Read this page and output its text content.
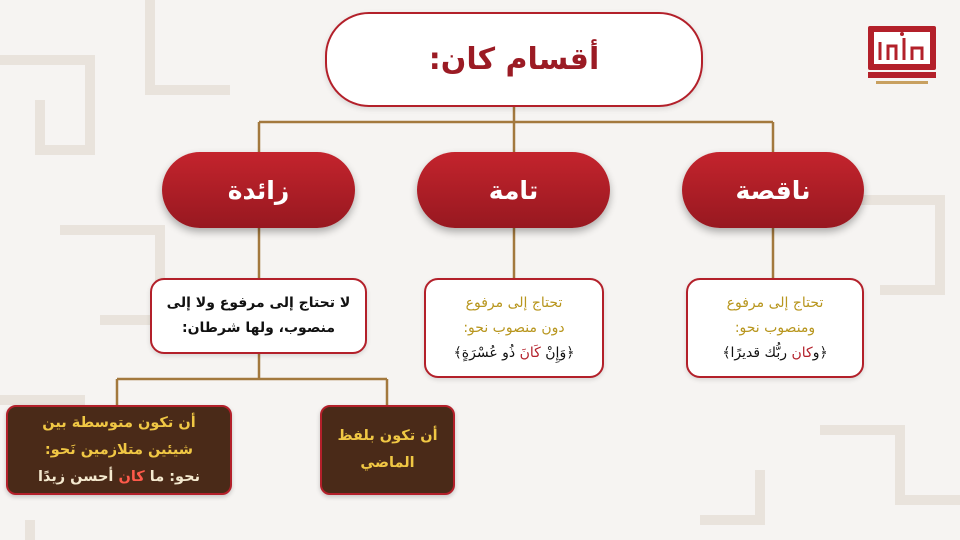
أقسام كان:
ناقصة
تامة
زائدة
تحتاج إلى مرفوع
ومنصوب نحو:
﴿وكان ربُّك قديرًا﴾
تحتاج إلى مرفوع
دون منصوب نحو:
﴿وَإِنْ كَانَ ذُو عُسْرَةٍ﴾
لا تحتاج إلى مرفوع ولا إلى
منصوب، ولها شرطان:
أن تكون بلفظ
الماضي
أن تكون متوسطة بين
شيئين متلازمين نَحو:
نحو: ما كان أحسن زيدًا
